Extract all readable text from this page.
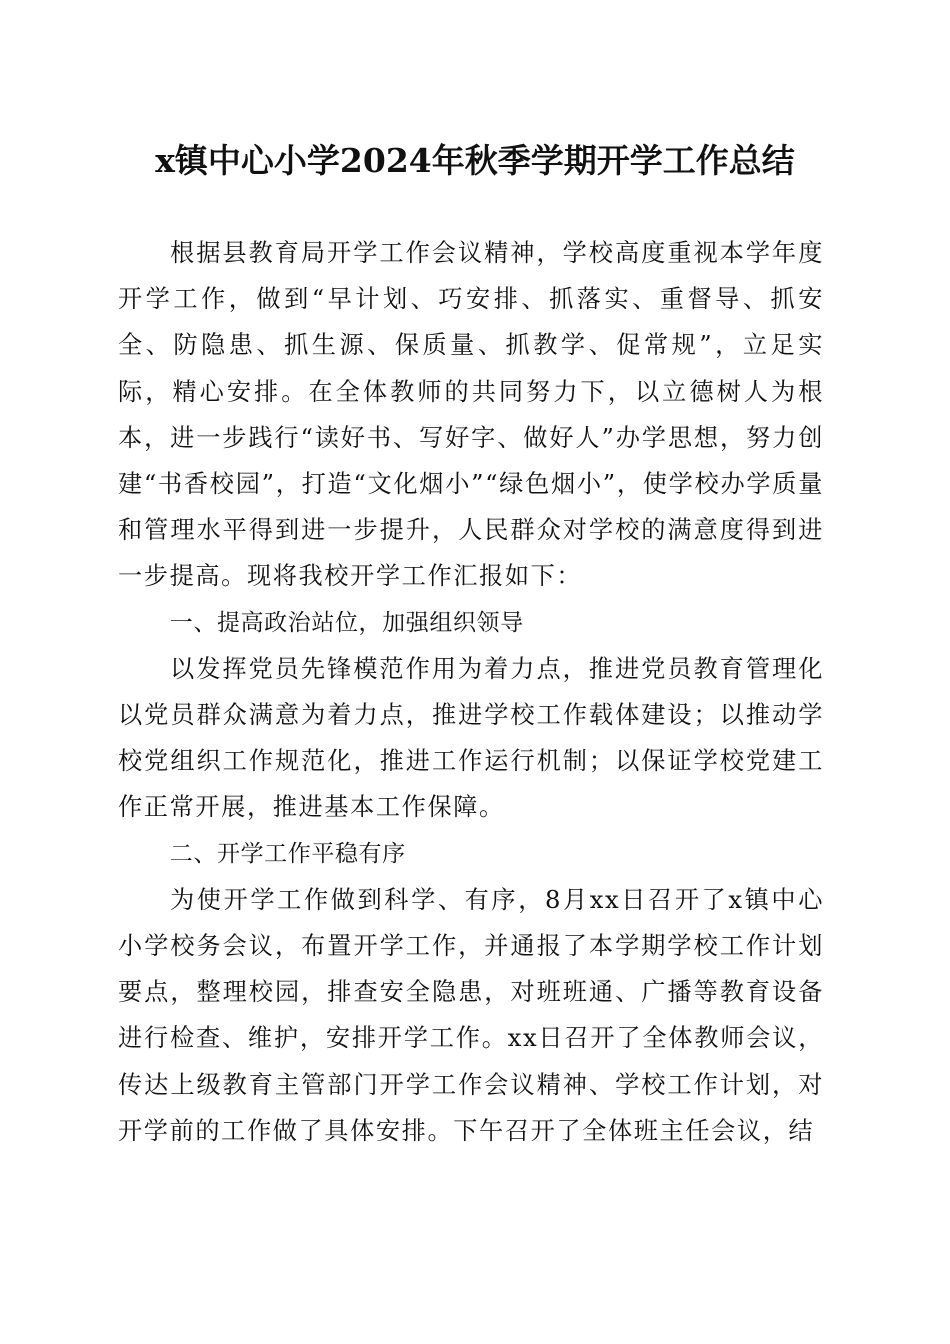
x镇中心小学2024年秋季学期开学工作总结

根据县教育局开学工作会议精神，学校高度重视本学年度开学工作，做到“早计划、巧安排、抓落实、重督导、抓安全、防隐患、抓生源、保质量、抓教学、促常规”，立足实际，精心安排。在全体教师的共同努力下，以立德树人为根本，进一步践行“读好书、写好字、做好人”办学思想，努力创建“书香校园”，打造“文化烟小”“绿色烟小”，使学校办学质量和管理水平得到进一步提升，人民群众对学校的满意度得到进一步提高。现将我校开学工作汇报如下：

一、提高政治站位，加强组织领导

以发挥党员先锋模范作用为着力点，推进党员教育管理化以党员群众满意为着力点，推进学校工作载体建设；以推动学校党组织工作规范化，推进工作运行机制；以保证学校党建工作正常开展，推进基本工作保障。

二、开学工作平稳有序

为使开学工作做到科学、有序，8月xx日召开了x镇中心小学校务会议，布置开学工作，并通报了本学期学校工作计划要点，整理校园，排查安全隐患，对班班通、广播等教育设备进行检查、维护，安排开学工作。xx日召开了全体教师会议，传达上级教育主管部门开学工作会议精神、学校工作计划，对开学前的工作做了具体安排。下午召开了全体班主任会议，结
